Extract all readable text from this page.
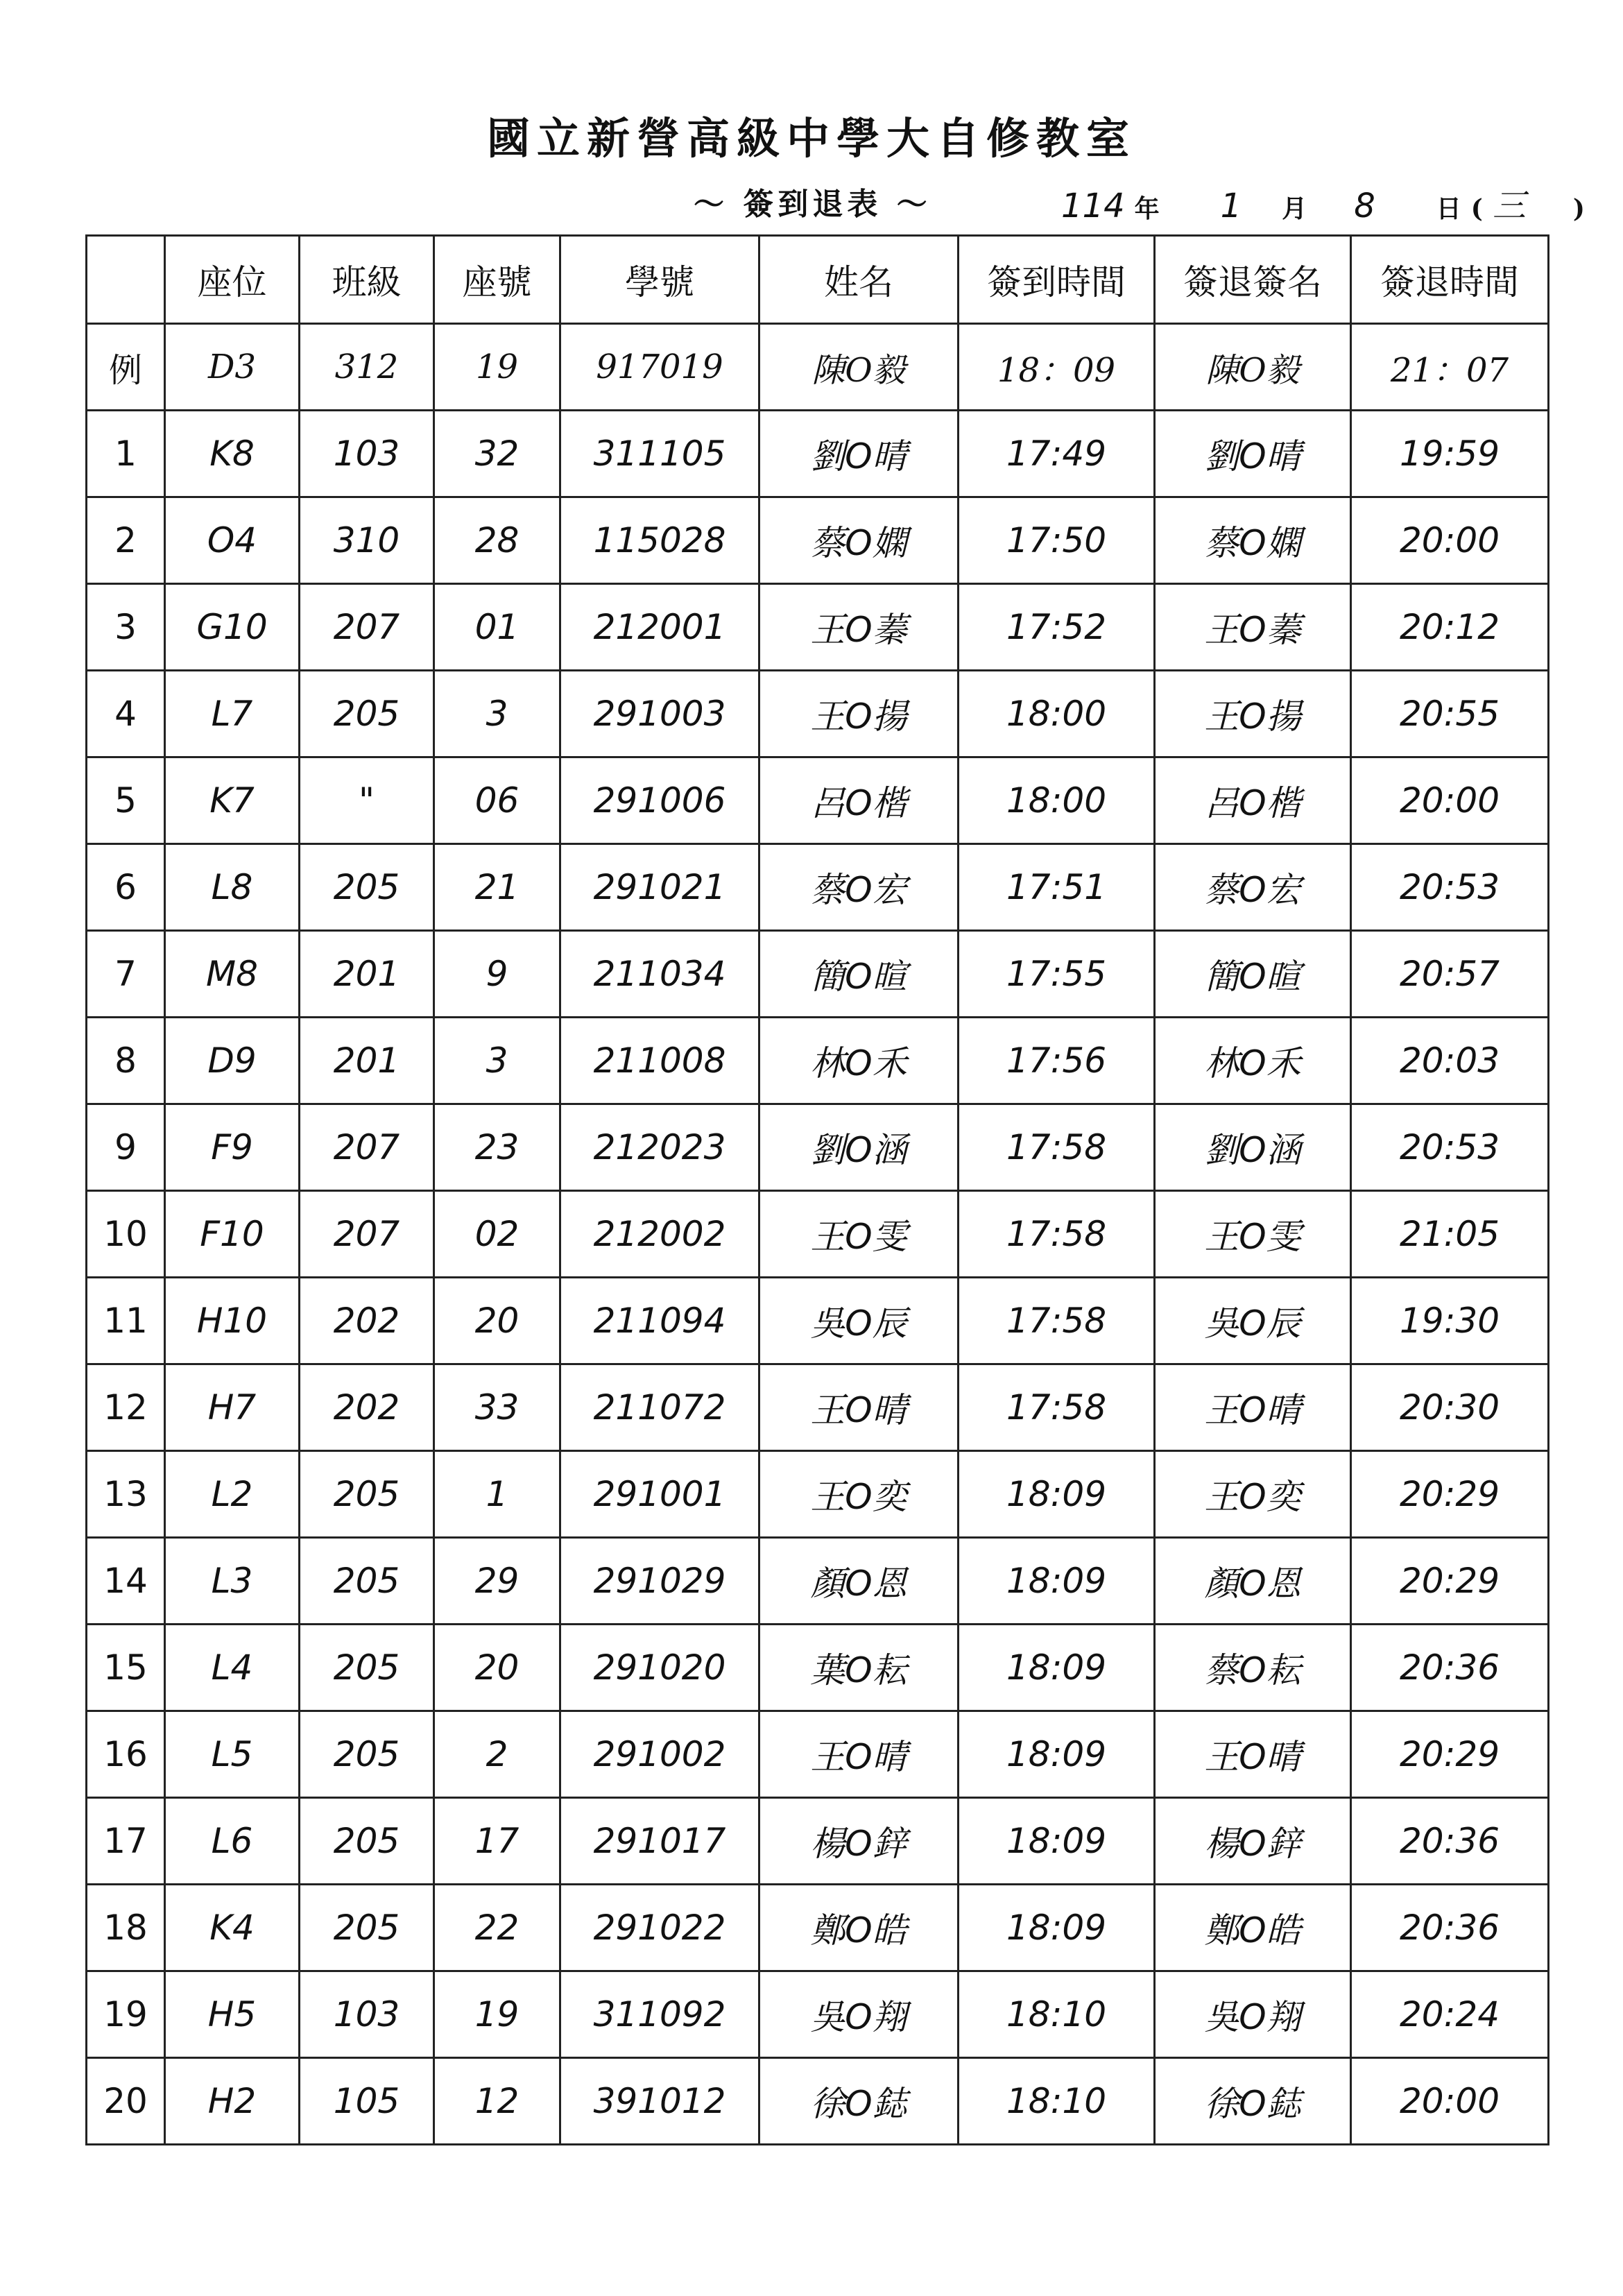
國立新營高級中學大自修教室
～ 簽到退表 ～	114 年 1 月 8 日 ( 三 )
	座位	班級	座號	學號	姓名	簽到時間	簽退簽名	簽退時間
例	D3	312	19	917019	陳O毅	18：09	陳O毅	21：07
1	K8	103	32	311105	劉O晴	17:49	劉O晴	19:59
2	O4	310	28	115028	蔡O嫻	17:50	蔡O嫻	20:00
3	G10	207	01	212001	王O蓁	17:52	王O蓁	20:12
4	L7	205	3	291003	王O揚	18:00	王O揚	20:55
5	K7	"	06	291006	呂O楷	18:00	呂O楷	20:00
6	L8	205	21	291021	蔡O宏	17:51	蔡O宏	20:53
7	M8	201	9	211034	簡O暄	17:55	簡O暄	20:57
8	D9	201	3	211008	林O禾	17:56	林O禾	20:03
9	F9	207	23	212023	劉O涵	17:58	劉O涵	20:53
10	F10	207	02	212002	王O雯	17:58	王O雯	21:05
11	H10	202	20	211094	吳O辰	17:58	吳O辰	19:30
12	H7	202	33	211072	王O晴	17:58	王O晴	20:30
13	L2	205	1	291001	王O奕	18:09	王O奕	20:29
14	L3	205	29	291029	顏O恩	18:09	顏O恩	20:29
15	L4	205	20	291020	葉O耘	18:09	蔡O耘	20:36
16	L5	205	2	291002	王O晴	18:09	王O晴	20:29
17	L6	205	17	291017	楊O鋅	18:09	楊O鋅	20:36
18	K4	205	22	291022	鄭O皓	18:09	鄭O皓	20:36
19	H5	103	19	311092	吳O翔	18:10	吳O翔	20:24
20	H2	105	12	391012	徐O鋕	18:10	徐O鋕	20:00
